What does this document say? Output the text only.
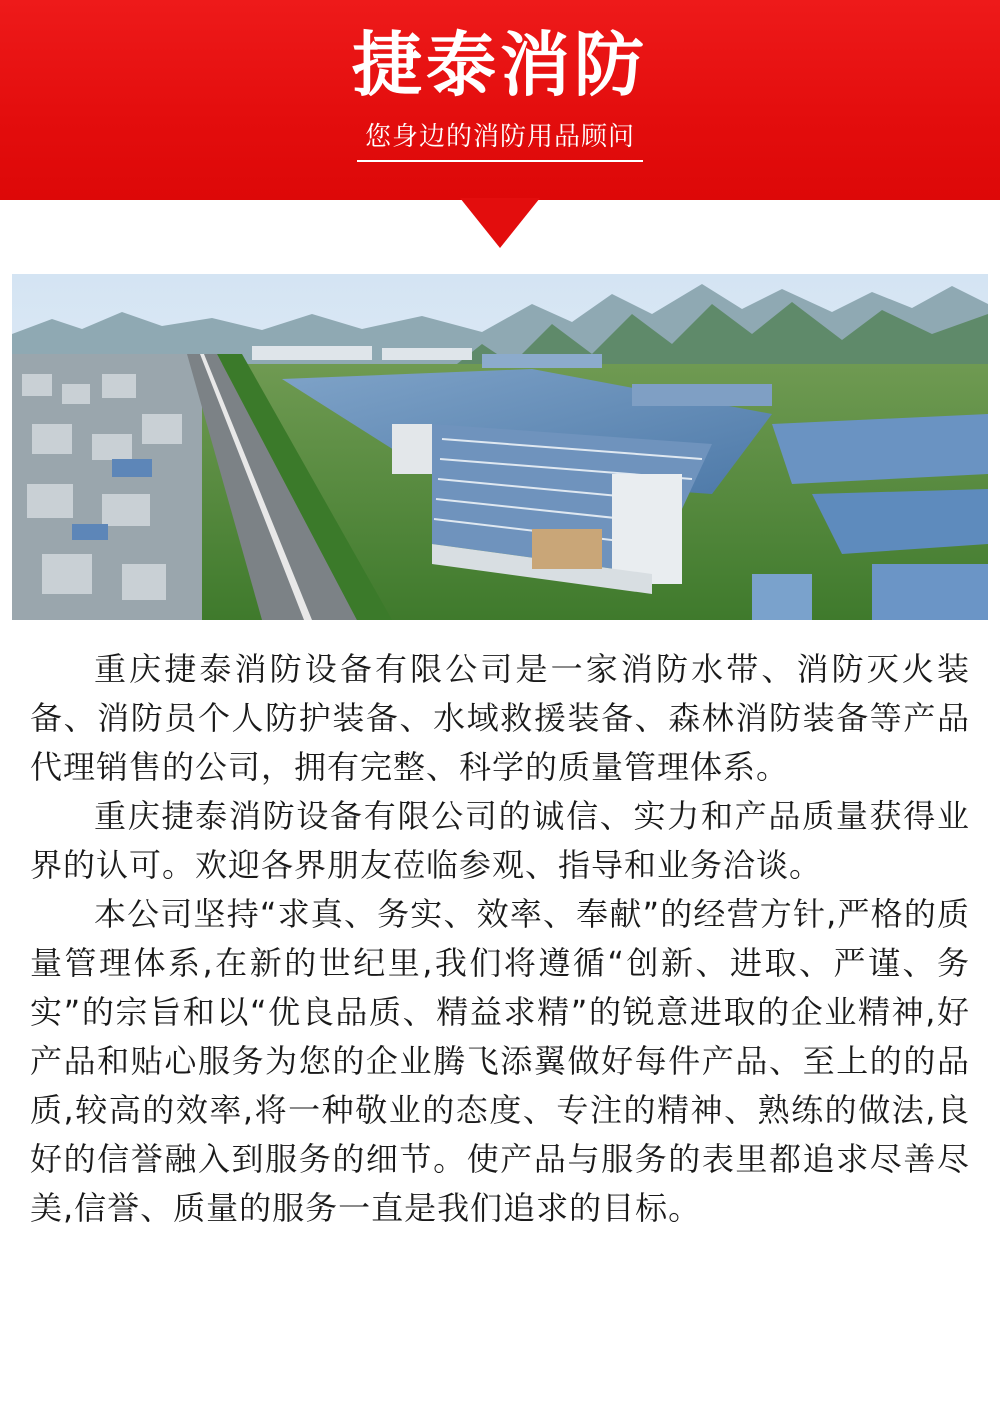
捷泰消防
您身边的消防用品顾问

重庆捷泰消防设备有限公司是一家消防水带、消防灭火装备、消防员个人防护装备、水域救援装备、森林消防装备等产品代理销售的公司，拥有完整、科学的质量管理体系。

重庆捷泰消防设备有限公司的诚信、实力和产品质量获得业界的认可。欢迎各界朋友莅临参观、指导和业务洽谈。

本公司坚持“求真、务实、效率、奉献”的经营方针,严格的质量管理体系,在新的世纪里,我们将遵循“创新、进取、严谨、务实”的宗旨和以“优良品质、精益求精”的锐意进取的企业精神,好产品和贴心服务为您的企业腾飞添翼做好每件产品、至上的的品质,较高的效率,将一种敬业的态度、专注的精神、熟练的做法,良好的信誉融入到服务的细节。使产品与服务的表里都追求尽善尽美,信誉、质量的服务一直是我们追求的目标。
